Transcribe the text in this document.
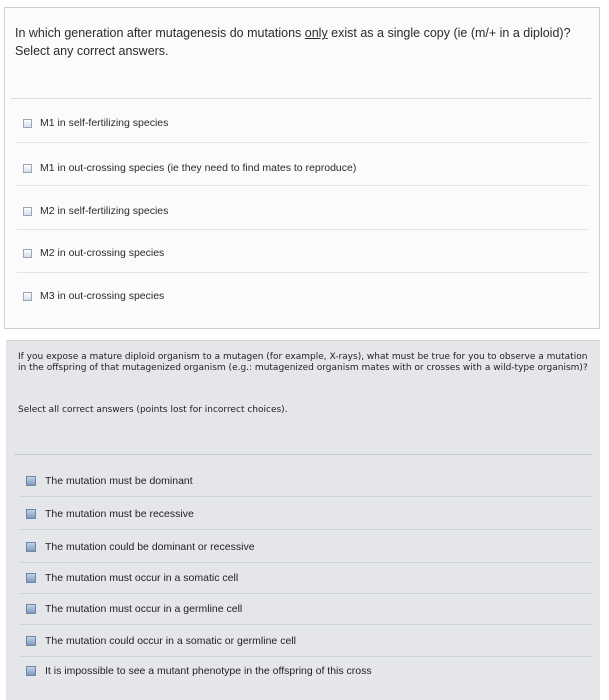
In which generation after mutagenesis do mutations only exist as a single copy (ie (m/+ in a diploid)?
Select any correct answers.
M1 in self-fertilizing species
M1 in out-crossing species (ie they need to find mates to reproduce)
M2 in self-fertilizing species
M2 in out-crossing species
M3 in out-crossing species
If you expose a mature diploid organism to a mutagen (for example, X-rays), what must be true for you to observe a mutation in the offspring of that mutagenized organism (e.g.: mutagenized organism mates with or crosses with a wild-type organism)?
Select all correct answers (points lost for incorrect choices).
The mutation must be dominant
The mutation must be recessive
The mutation could be dominant or recessive
The mutation must occur in a somatic cell
The mutation must occur in a germline cell
The mutation could occur in a somatic or germline cell
It is impossible to see a mutant phenotype in the offspring of this cross
